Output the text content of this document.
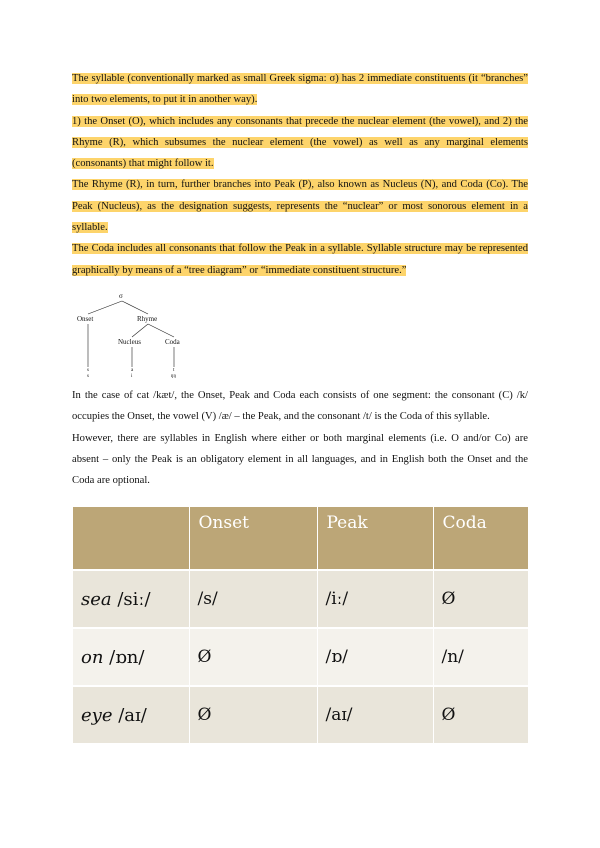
The syllable (conventionally marked as small Greek sigma: σ) has 2 immediate constituents (it “branches” into two elements, to put it in another way).

1) the Onset (O), which includes any consonants that precede the nuclear element (the vowel), and 2) the Rhyme (R), which subsumes the nuclear element (the vowel) as well as any marginal elements (consonants) that might follow it.

The Rhyme (R), in turn, further branches into Peak (P), also known as Nucleus (N), and Coda (Co). The Peak (Nucleus), as the designation suggests, represents the “nuclear” or most sonorous element in a syllable.

The Coda includes all consonants that follow the Peak in a syllable. Syllable structure may be represented graphically by means of a “tree diagram” or “immediate constituent structure.”

σ
Onset	Rhyme
Nucleus	Coda
s
s
a
i
t
ŋŋ

In the case of cat /kæt/, the Onset, Peak and Coda each consists of one segment: the consonant (C) /k/ occupies the Onset, the vowel (V) /æ/ – the Peak, and the consonant /t/ is the Coda of this syllable.

However, there are syllables in English where either or both marginal elements (i.e. O and/or Co) are absent – only the Peak is an obligatory element in all languages, and in English both the Onset and the Coda are optional.

	Onset	Peak	Coda
sea /siː/	/s/	/iː/	Ø
on /ɒn/	Ø	/ɒ/	/n/
eye /aɪ/	Ø	/aɪ/	Ø
